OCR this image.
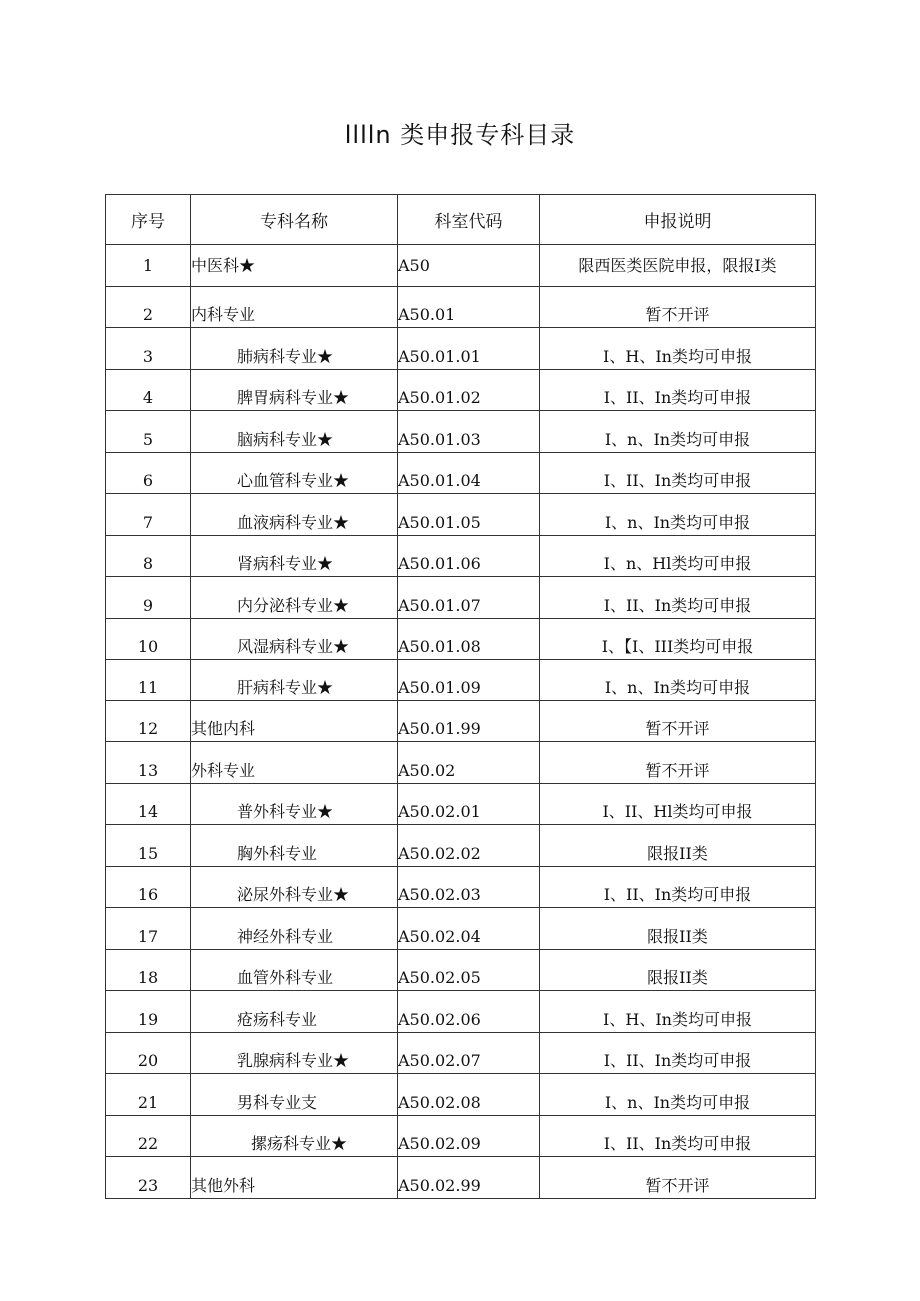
lllln 类申报专科目录
序号	专科名称	科室代码	申报说明
1	中医科★	A50	限西医类医院申报，限报I类
2	内科专业	A50.01	暂不开评
3	肺病科专业★	A50.01.01	I、H、In类均可申报
4	脾胃病科专业★	A50.01.02	I、II、In类均可申报
5	脑病科专业★	A50.01.03	I、n、In类均可申报
6	心血管科专业★	A50.01.04	I、II、In类均可申报
7	血液病科专业★	A50.01.05	I、n、In类均可申报
8	肾病科专业★	A50.01.06	I、n、Hl类均可申报
9	内分泌科专业★	A50.01.07	I、II、In类均可申报
10	风湿病科专业★	A50.01.08	I、【I、III类均可申报
11	肝病科专业★	A50.01.09	I、n、In类均可申报
12	其他内科	A50.01.99	暂不开评
13	外科专业	A50.02	暂不开评
14	普外科专业★	A50.02.01	I、II、Hl类均可申报
15	胸外科专业	A50.02.02	限报II类
16	泌尿外科专业★	A50.02.03	I、II、In类均可申报
17	神经外科专业	A50.02.04	限报II类
18	血管外科专业	A50.02.05	限报II类
19	疮疡科专业	A50.02.06	I、H、In类均可申报
20	乳腺病科专业★	A50.02.07	I、II、In类均可申报
21	男科专业支	A50.02.08	I、n、In类均可申报
22	摞疡科专业★	A50.02.09	I、II、In类均可申报
23	其他外科	A50.02.99	暂不开评
